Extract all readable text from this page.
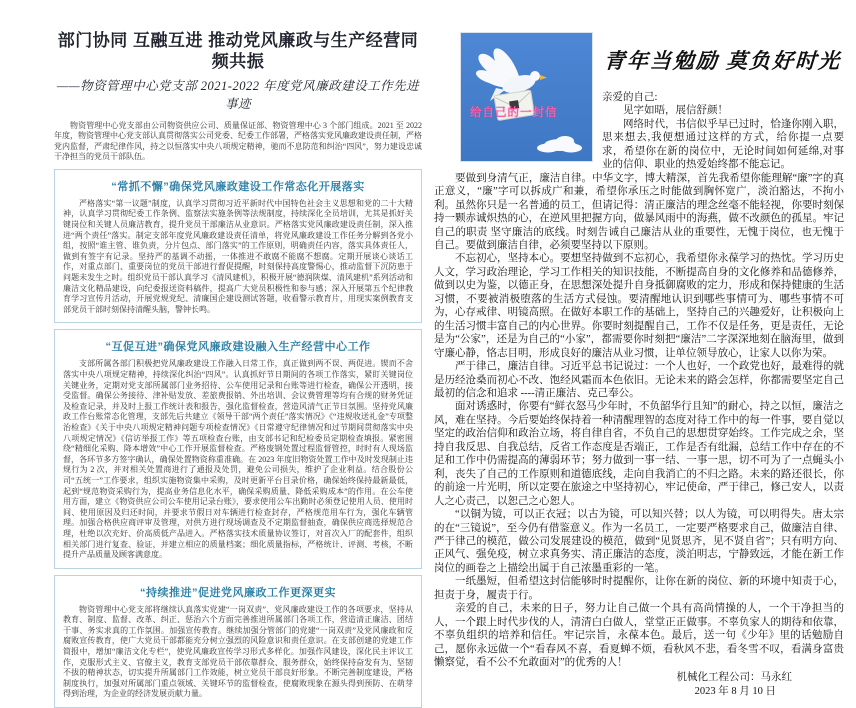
部门协同 互融互进 推动党风廉政与生产经营同频共振
——物资管理中心党支部 2021-2022 年度党风廉政建设工作先进事迹
物资管理中心党支部由公司物资供应公司、质量保证部、物资管理中心 3 个部门组成。2021 至 2022 年度，物资管理中心党支部认真贯彻落实公司党委、纪委工作部署，严格落实党风廉政建设责任制，严格党内监督，严肃纪律作风，持之以恒落实中央八项规定精神，驰而不息防范和纠治“四风”，努力建设忠诚干净担当的党员干部队伍。
“常抓不懈”确保党风廉政建设工作常态化开展落实
严格落实“第一议题”制度，认真学习贯彻习近平新时代中国特色社会主义思想和党的二十大精神，认真学习贯彻纪委工作条例、监察法实施条例等法规制度，持续深化全员培训，尤其是抓好关键岗位和关键人员廉洁教育，提升党员干部廉洁从业意识。严格落实党风廉政建设责任制，深入推进“两个责任”落实。制定支部年度党风廉政建设责任清单，将党风廉政建设工作任务分解到各党小组，按照“谁主管、谁负责，分片包点、部门落实”的工作原则，明确责任内容，落实具体责任人，做到有签字有记录。坚持严的基调不动摇，一体推进不敢腐不能腐不想腐。定期开展谈心谈话工作，对重点部门、重要岗位的党员干部进行督促提醒，时刻保持高度警惕心，推动监督下沉防患于问题未发生之时。组织党员干部认真学习《清风建机》，积极开展“德润陕煤、清风建机”系列活动和廉洁文化精品建设，向纪委报送资料稿件，提高广大党员积极性和参与感；深入开展第五个纪律教育学习宣传月活动，开展党规党纪、清廉国企建设测试答题，收看警示教育片，用现实案例教育支部党员干部时刻保持清醒头脑，警钟长鸣。
“互促互进”确保党风廉政建设融入生产经营中心工作
支部所属各部门积极把党风廉政建设工作融入日常工作，真正做到两不误、两促进。锲而不舍落实中央八项规定精神，持续深化纠治“四风”。认真抓好节日期间的各项工作落实，紧盯关键岗位关键业务，定期对党支部所属部门业务招待、公车使用记录和台账等进行检查，确保公开透明，接受监督。确保公务接待、津补贴发放、差旅费报销、外出培训、会议费管理等均有合规的财务凭证及检查记录，并及时上报工作统计表和报告，强化监督检查，营造风清气正节日氛围。坚持党风廉政工作台账常态化管理，支部先后共建立《领导干部“两个责任”落实情况》《“违规收送礼金”专项整治检查》《关于中央八项规定精神问题专项检查情况》《日常遵守纪律情况和过节期间贯彻落实中央八项规定情况》《信访举报工作》等五项检查台账，由支部书记和纪检委员定期检查填报。紧密围绕“精细化采购、降本增效”中心工作开展监督检查。严格废钢处置过程监督管控，时时有人现场监督，各环节多方签字确认，确保处置物资称重准确。在 2023 年度旧物资处置工作中及时发现制止违规行为 2 次，并对相关处置商进行了通报及处罚，避免公司损失，维护了企业利益。结合股份公司“五统一”工作要求，组织实施物资集中采购，及时更新平台目录价格，确保始终保持最新最低，起到“规范物资采购行为，提高业务信息化水平，确保采购质量、降低采购成本”的作用。在公车使用方面，建立《物资供应公司公车使用记录台账》，要求使用公车出勤时必须登记使用人员、使用时间、使用原因及归还时间，并要求节假日对车辆进行检查封存，严格规范用车行为，强化车辆管理。加强合格供应商评审及管理，对供方进行现场调查及不定期监督抽查，确保供应商选择规范合理，杜绝以次充好、价高质低产品进入。严格落实技术质量协议签订，对首次入厂的配套件，组织相关部门进行复查、验证，并建立相应的质量档案；细化质量指标，严格统计、评测、考核，不断提升产品质量及顾客满意度。
“持续推进”促进党风廉政工作更深更实
物资管理中心党支部将继续认真落实党建“一岗双责”、党风廉政建设工作的各项要求，坚持从教育、制度、监督、改革、纠正、惩治六个方面完善推进所属部门各项工作，营造清正廉洁、团结干事、务实求真的工作氛围。加强宣传教育。继续加强分管部门的党建“一岗双责”及党风廉政和反腐败宣传教育，使广大党员干部都能充分树立强烈的风险意识和责任意识。在支部创建的党建工作简报中，增加“廉洁文化专栏”，使党风廉政宣传学习形式多样化。加强作风建设，深化民主评议工作，克服形式主义、官僚主义，教育支部党员干部依靠群众、服务群众，始终保持奋发有为、坚韧不拔的精神状态，切实提升所属部门工作效能，树立党员干部良好形象。不断完善制度建设，严格制度执行，加强对所属部门重点领域、关键环节的监督检查，使腐败现象在源头得到预防、在萌芽得到治理，为企业的经济发展贡献力量。
给自己的一封信
青年当勉励 莫负好时光

亲爱的自己:

见字如晤，展信舒颜！

网络时代，书信似乎早已过时，恰逢你刚入职，思来想去,我便想通过这样的方式，给你提一点要求，希望你在新的岗位中，无论时间如何延绵,对事业的信仰、职业的热爱始终都不能忘记。

要做到身清气正，廉洁自律。中华文字，博大精深，首先我希望你能理解“廉”字的真正意义，“廉”字可以拆成广和兼，希望你承压之时能做到胸怀宽广，淡泊豁达，不拘小利。虽然你只是一名普通的员工，但请记得：清正廉洁的理念丝毫不能轻视，你要时刻保持一颗赤诚炽热的心，在逆风里把握方向，做暴风雨中的海燕，做不改颜色的孤星。牢记自己的职责 坚守廉洁的底线。时刻告诫自己廉洁从业的重要性，无愧于岗位，也无愧于自己。要做到廉洁自律，必须要坚持以下原则。

不忘初心，坚持本心。要想坚持做到不忘初心，我希望你永葆学习的热忱。学习历史人文，学习政治理论，学习工作相关的知识技能，不断提高自身的文化修养和品德修养，做到以史为鉴，以德正身，在思想深处提升自身抵御腐败的定力，形成和保持健康的生活习惯，不要被消极堕落的生活方式侵蚀。要清醒地认识到哪些事情可为、哪些事情不可为，心存戒律、明镜高照。在做好本职工作的基础上，坚持自己的兴趣爱好，让积极向上的生活习惯丰富自己的内心世界。你要时刻提醒自己，工作不仅是任务，更是责任，无论是为“公家”，还是为自己的“小家”，都需要你时刻把“廉洁”二字深深地刻在脑海里，做到守廉心静，恪志目明，形成良好的廉洁从业习惯，让单位领导放心，让家人以你为荣。

严于律己，廉洁自律。习近平总书记说过：一个人也好，一个政党也好，最难得的就是历经沧桑而初心不改、饱经风霜而本色依旧。无论未来的路会怎样，你都需要坚定自己最初的信念和追求 ----清正廉洁、克己奉公。

面对诱惑时，你要有“鲜衣怒马少年时，不负韶华行且知”的耐心，持之以恒，廉洁之风，难在坚持。今后要始终保持着一种清醒理智的态度对待工作中的每一件事，要自觉以坚定的政治信仰和政治立场，将自律自省，不负自己的思想贯穿始终。工作完成之余，坚持自我反思、自我总结，反省工作态度是否端正，工作是否有纰漏，总结工作中存在的不足和工作中仍需提高的薄弱环节；努力做到一事一结、一事一思，切不可为了一点蝇头小利，丧失了自己的工作原则和道德底线，走向自我消亡的不归之路。未来的路还很长，你的前途一片光明，所以定要在旅途之中坚持初心，牢记使命，严于律己，修己安人，以责人之心责己，以恕己之心恕人。

“以铜为镜，可以正衣冠；以古为镜，可以知兴替；以人为镜，可以明得失。唐太宗的在“三镜说”，至今仍有借鉴意义。作为一名员工，一定要严格要求自己，做廉洁自律、严于律己的模范，做公司发展建设的模范，做到“见贤思齐，见不贤自省”；只有明方向、正风气、强免疫，树立求真务实、清正廉洁的态度，淡泊明志，宁静致远，才能在新工作岗位的画卷之上描绘出属于自己浓墨重彩的一笔。

一纸墨短，但希望这封信能够时时提醒你，让你在新的岗位、新的环境中知责于心，担责于身，履责于行。

亲爱的自己，未来的日子，努力让自己做一个具有高尚情操的人，一个干净担当的人，一个跟上时代步伐的人，清清白白做人，堂堂正正做事。不辜负家人的期待和依靠，不辜负组织的培养和信任。牢记宗旨，永葆本色。最后，送一句《少年》里的话勉励自己，愿你永远做一个“看春风不喜，看夏蝉不烦，看秋风不悲，看冬雪不叹，看满身富贵懒察觉，看不公不允敢面对”的优秀的人！

机械化工程公司：马永红
2023 年 8 月 10 日
